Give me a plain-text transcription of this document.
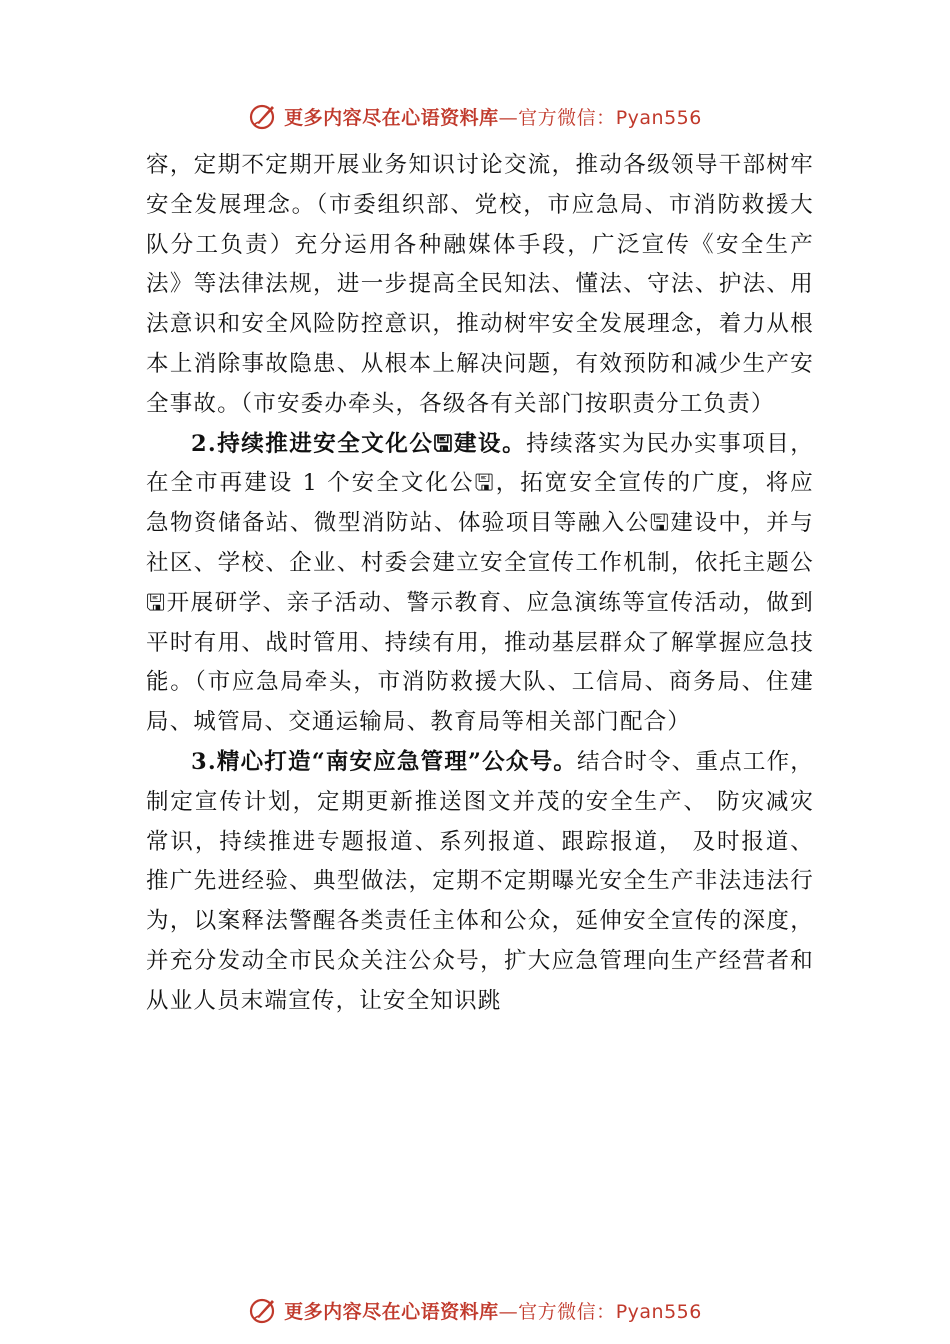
更多内容尽在心语资料库—官方微信：Pyan556

容，定期不定期开展业务知识讨论交流，推动各级领导干部树牢安全发展理念。（市委组织部、党校，市应急局、市消防救援大队分工负责）充分运用各种融媒体手段，广泛宣传《安全生产法》等法律法规，进一步提高全民知法、懂法、守法、护法、用法意识和安全风险防控意识，推动树牢安全发展理念，着力从根本上消除事故隐患、从根本上解决问题，有效预防和减少生产安全事故。（市安委办牵头，各级各有关部门按职责分工负责）

2.持续推进安全文化公🖫建设。持续落实为民办实事项目，在全市再建设 1 个安全文化公🖫，拓宽安全宣传的广度，将应急物资储备站、微型消防站、体验项目等融入公🖫建设中，并与社区、学校、企业、村委会建立安全宣传工作机制，依托主题公🖫开展研学、亲子活动、警示教育、应急演练等宣传活动，做到平时有用、战时管用、持续有用，推动基层群众了解掌握应急技能。（市应急局牵头，市消防救援大队、工信局、商务局、住建局、城管局、交通运输局、教育局等相关部门配合）

3.精心打造“南安应急管理”公众号。结合时令、重点工作，制定宣传计划，定期更新推送图文并茂的安全生产、 防灾减灾常识，持续推进专题报道、系列报道、跟踪报道， 及时报道、推广先进经验、典型做法，定期不定期曝光安全生产非法违法行为，以案释法警醒各类责任主体和公众，延伸安全宣传的深度，并充分发动全市民众关注公众号，扩大应急管理向生产经营者和从业人员末端宣传，让安全知识跳

更多内容尽在心语资料库—官方微信：Pyan556
